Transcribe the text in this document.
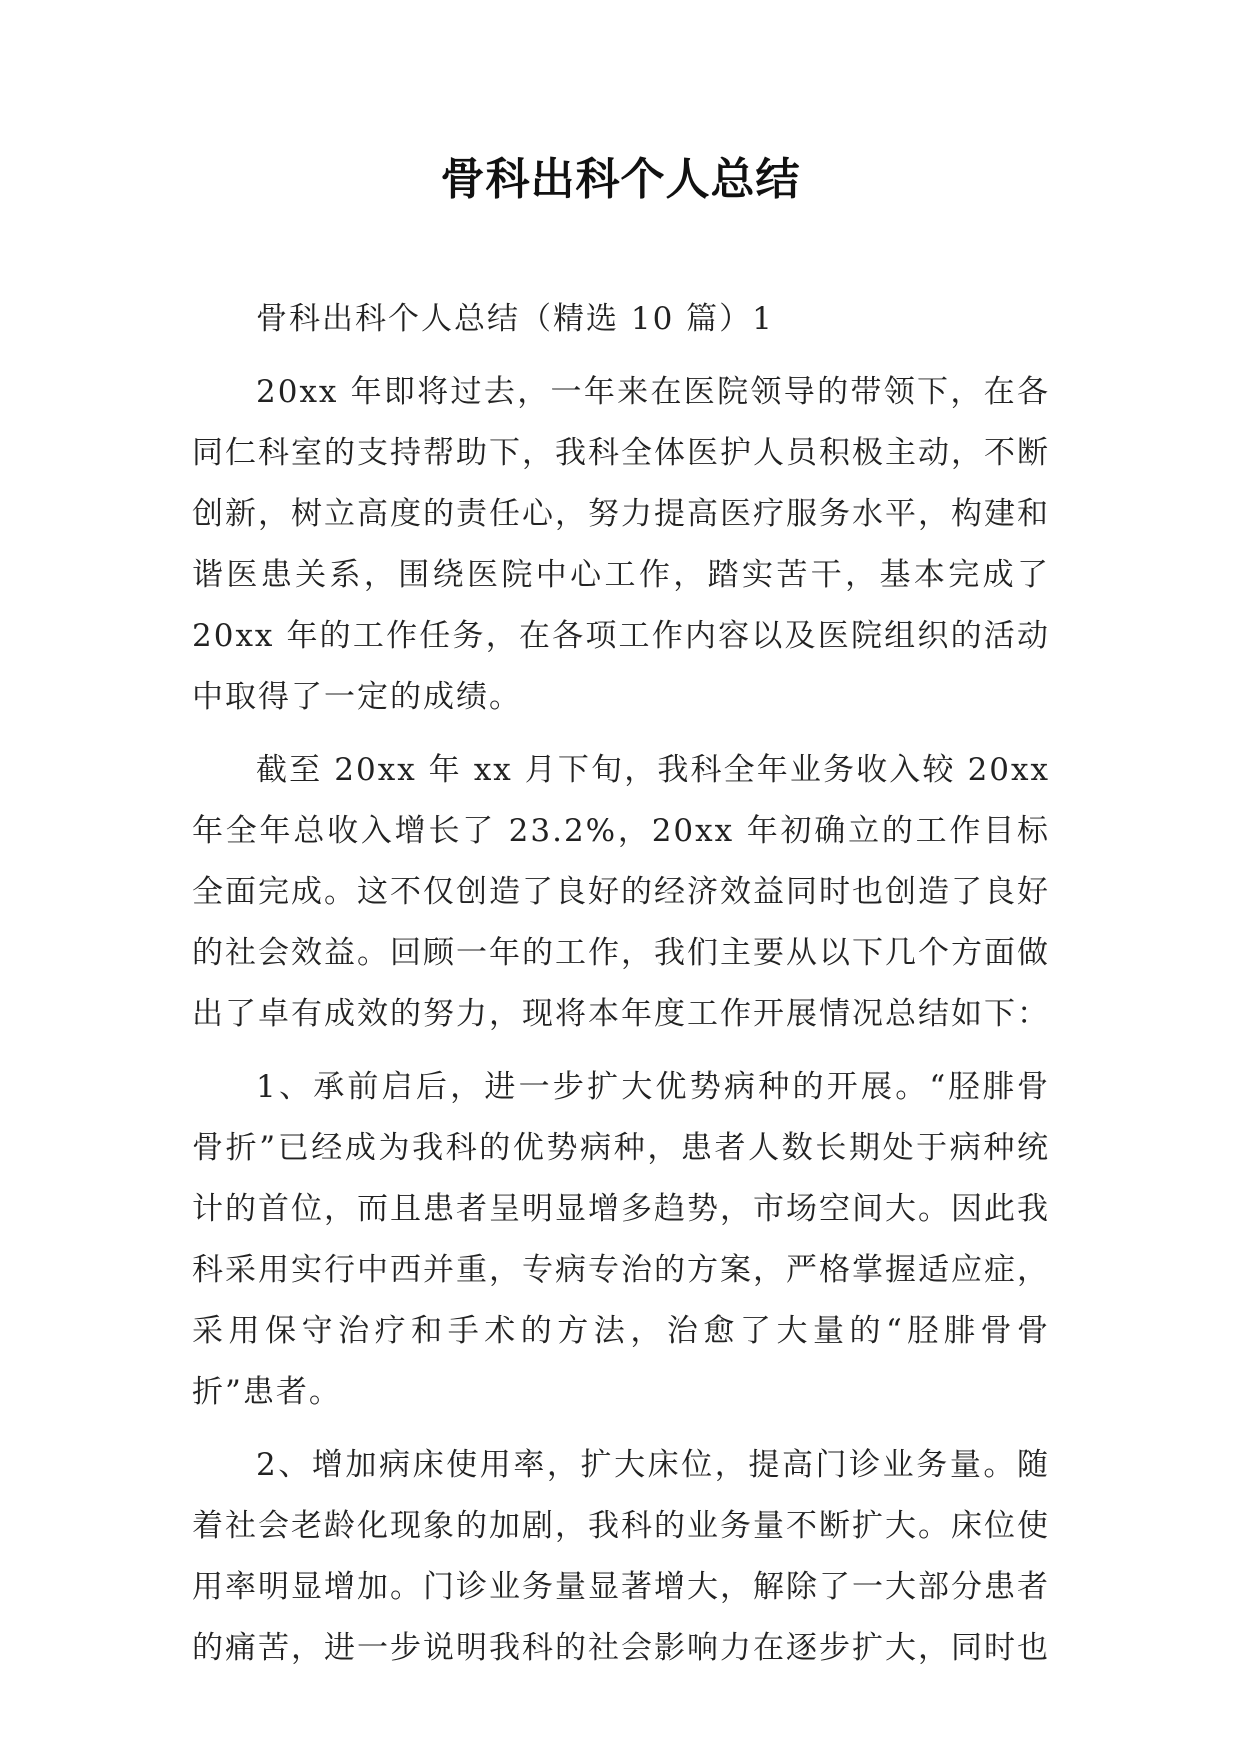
骨科出科个人总结

骨科出科个人总结（精选 10 篇）1

20xx 年即将过去，一年来在医院领导的带领下，在各同仁科室的支持帮助下，我科全体医护人员积极主动，不断创新，树立高度的责任心，努力提高医疗服务水平，构建和谐医患关系，围绕医院中心工作，踏实苦干，基本完成了 20xx 年的工作任务，在各项工作内容以及医院组织的活动中取得了一定的成绩。

截至 20xx 年 xx 月下旬，我科全年业务收入较 20xx 年全年总收入增长了 23.2%，20xx 年初确立的工作目标全面完成。这不仅创造了良好的经济效益同时也创造了良好的社会效益。回顾一年的工作，我们主要从以下几个方面做出了卓有成效的努力，现将本年度工作开展情况总结如下：

1、承前启后，进一步扩大优势病种的开展。“胫腓骨骨折”已经成为我科的优势病种，患者人数长期处于病种统计的首位，而且患者呈明显增多趋势，市场空间大。因此我科采用实行中西并重，专病专治的方案，严格掌握适应症，采用保守治疗和手术的方法，治愈了大量的“胫腓骨骨折”患者。

2、增加病床使用率，扩大床位，提高门诊业务量。随着社会老龄化现象的加剧，我科的业务量不断扩大。床位使用率明显增加。门诊业务量显著增大，解除了一大部分患者的痛苦，进一步说明我科的社会影响力在逐步扩大，同时也
